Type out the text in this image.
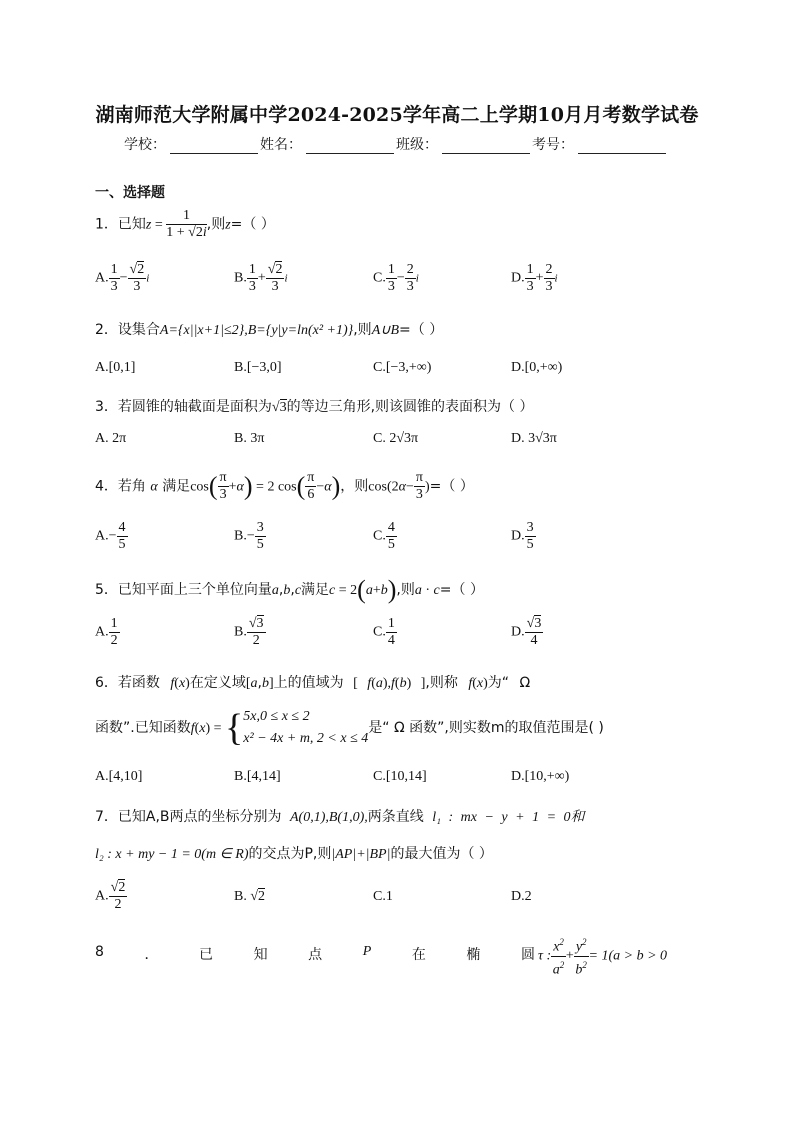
湖南师范大学附属中学2024-2025学年高二上学期10月月考数学试卷
学校：	姓名：	班级：	考号：
一、选择题
1．已知$z = \frac{1}{1 + √2i}$ ,则z=（ ）
A. $\frac{1}{3} - \frac{√2}{3}$ i	B. $\frac{1}{3} + \frac{√2}{3}$ i	C. $\frac{1}{3} - \frac{2}{3}$ i	D. $\frac{1}{3} + \frac{2}{3}$ i
2．设集合A={x||x+1|≤2},B={y|y=ln(x² +1)},则A∪B=（ ）
A.[0,1]	B.[−3,0]	C.[−3,+∞)	D.[0,+∞)
3．若圆锥的轴截面是面积为√3的等边三角形,则该圆锥的表面积为（ ）
A. 2π	B. 3π	C. 2√3π	D. 3√3π
4．若角 α 满足$\cos( \frac{\pi}{3} +\alpha) = 2$ $\cos( \frac{\pi}{6} -\alpha)$，则$\cos(2\alpha- \frac{\pi}{3}$ )=（ ）
$A.- \frac{4}{5}$	$B.- \frac{3}{5}$	C. $\frac{4}{5}$	D. $\frac{3}{5}$
5．已知平面上三个单位向量a,b,c满足c = 2(a+b),则a · c=（ ）
A. $\frac{1}{2}$	B. $\frac{√3}{2}$	C. $\frac{1}{4}$	D. $\frac{√3}{4}$
6．若函数 f(x)在定义域[a,b]上的值域为 [ f(a),f(b) ],则称 f(x)为“ Ω
函数”.已知函数f(x) = { 5x,0 ≤ x ≤ 2
x² − 4x + m, 2 < x ≤ 4
是“ Ω 函数”,则实数m的取值范围是( )
A.[4,10]	B.[4,14]	C.[10,14]	D.[10,+∞)
7．已知A,B两点的坐标分别为 A(0,1),B(1,0),两条直线 l₁ : mx − y + 1 = 0和
l₂ : x + my − 1 = 0(m ∈ R)的交点为P,则|AP|+|BP|的最大值为（ ）
A. $\frac{√2}{2}$	B. √2	C.1	D.2
8	．	已	知	点	P	在	椭	圆 τ : $\frac{x^2}{a^2} + \frac{y^2}{b^2} = 1(a > b > 0$
